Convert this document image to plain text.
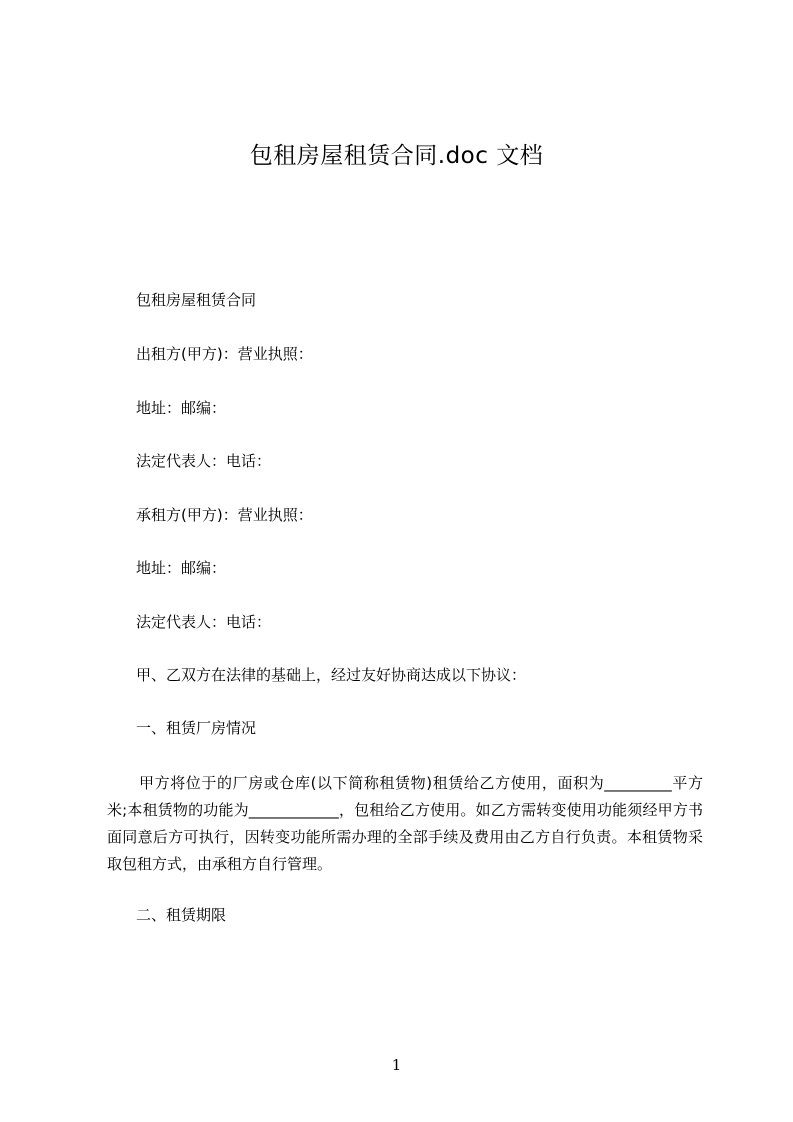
包租房屋租赁合同.doc 文档
包租房屋租赁合同
出租方(甲方)：营业执照：
地址：邮编：
法定代表人：电话：
承租方(甲方)：营业执照：
地址：邮编：
法定代表人：电话：
甲、乙双方在法律的基础上，经过友好协商达成以下协议：
一、租赁厂房情况
甲方将位于的厂房或仓库(以下简称租赁物)租赁给乙方使用，面积为_________平方米;本租赁物的功能为____________，包租给乙方使用。如乙方需转变使用功能须经甲方书面同意后方可执行，因转变功能所需办理的全部手续及费用由乙方自行负责。本租赁物采取包租方式，由承租方自行管理。
二、租赁期限
1
